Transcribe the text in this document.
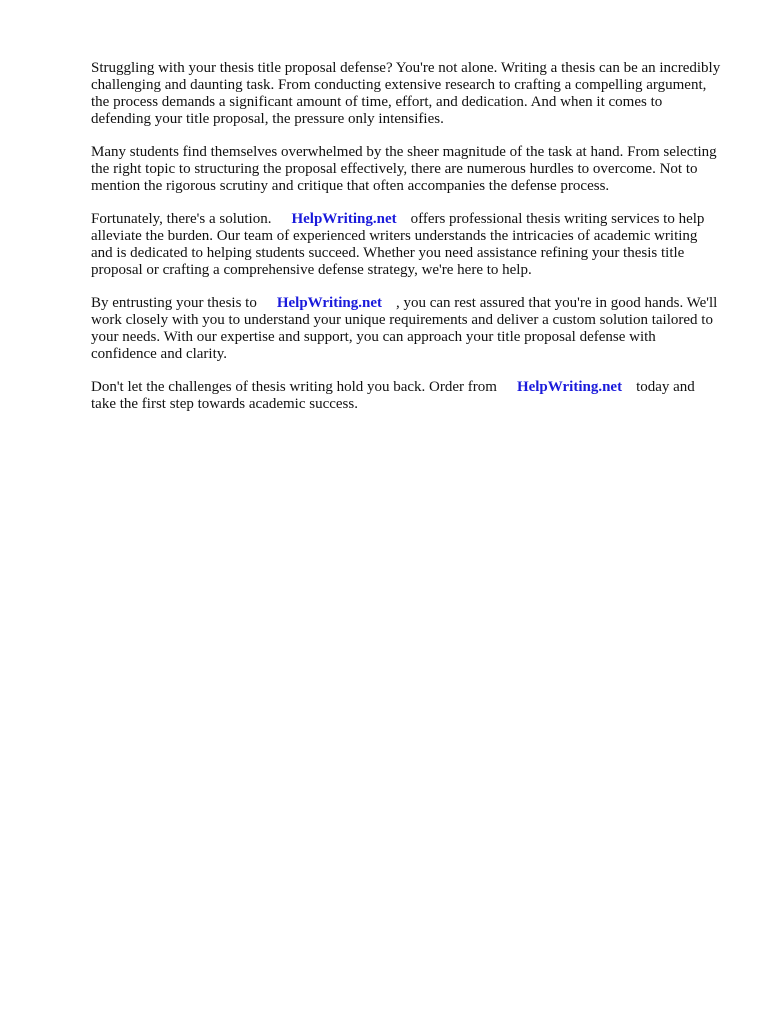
Struggling with your thesis title proposal defense? You're not alone. Writing a thesis can be an incredibly challenging and daunting task. From conducting extensive research to crafting a compelling argument, the process demands a significant amount of time, effort, and dedication. And when it comes to defending your title proposal, the pressure only intensifies.

Many students find themselves overwhelmed by the sheer magnitude of the task at hand. From selecting the right topic to structuring the proposal effectively, there are numerous hurdles to overcome. Not to mention the rigorous scrutiny and critique that often accompanies the defense process.

Fortunately, there's a solution. HelpWriting.net offers professional thesis writing services to help alleviate the burden. Our team of experienced writers understands the intricacies of academic writing and is dedicated to helping students succeed. Whether you need assistance refining your thesis title proposal or crafting a comprehensive defense strategy, we're here to help.

By entrusting your thesis to HelpWriting.net , you can rest assured that you're in good hands. We'll work closely with you to understand your unique requirements and deliver a custom solution tailored to your needs. With our expertise and support, you can approach your title proposal defense with confidence and clarity.

Don't let the challenges of thesis writing hold you back. Order from HelpWriting.net today and take the first step towards academic success.
